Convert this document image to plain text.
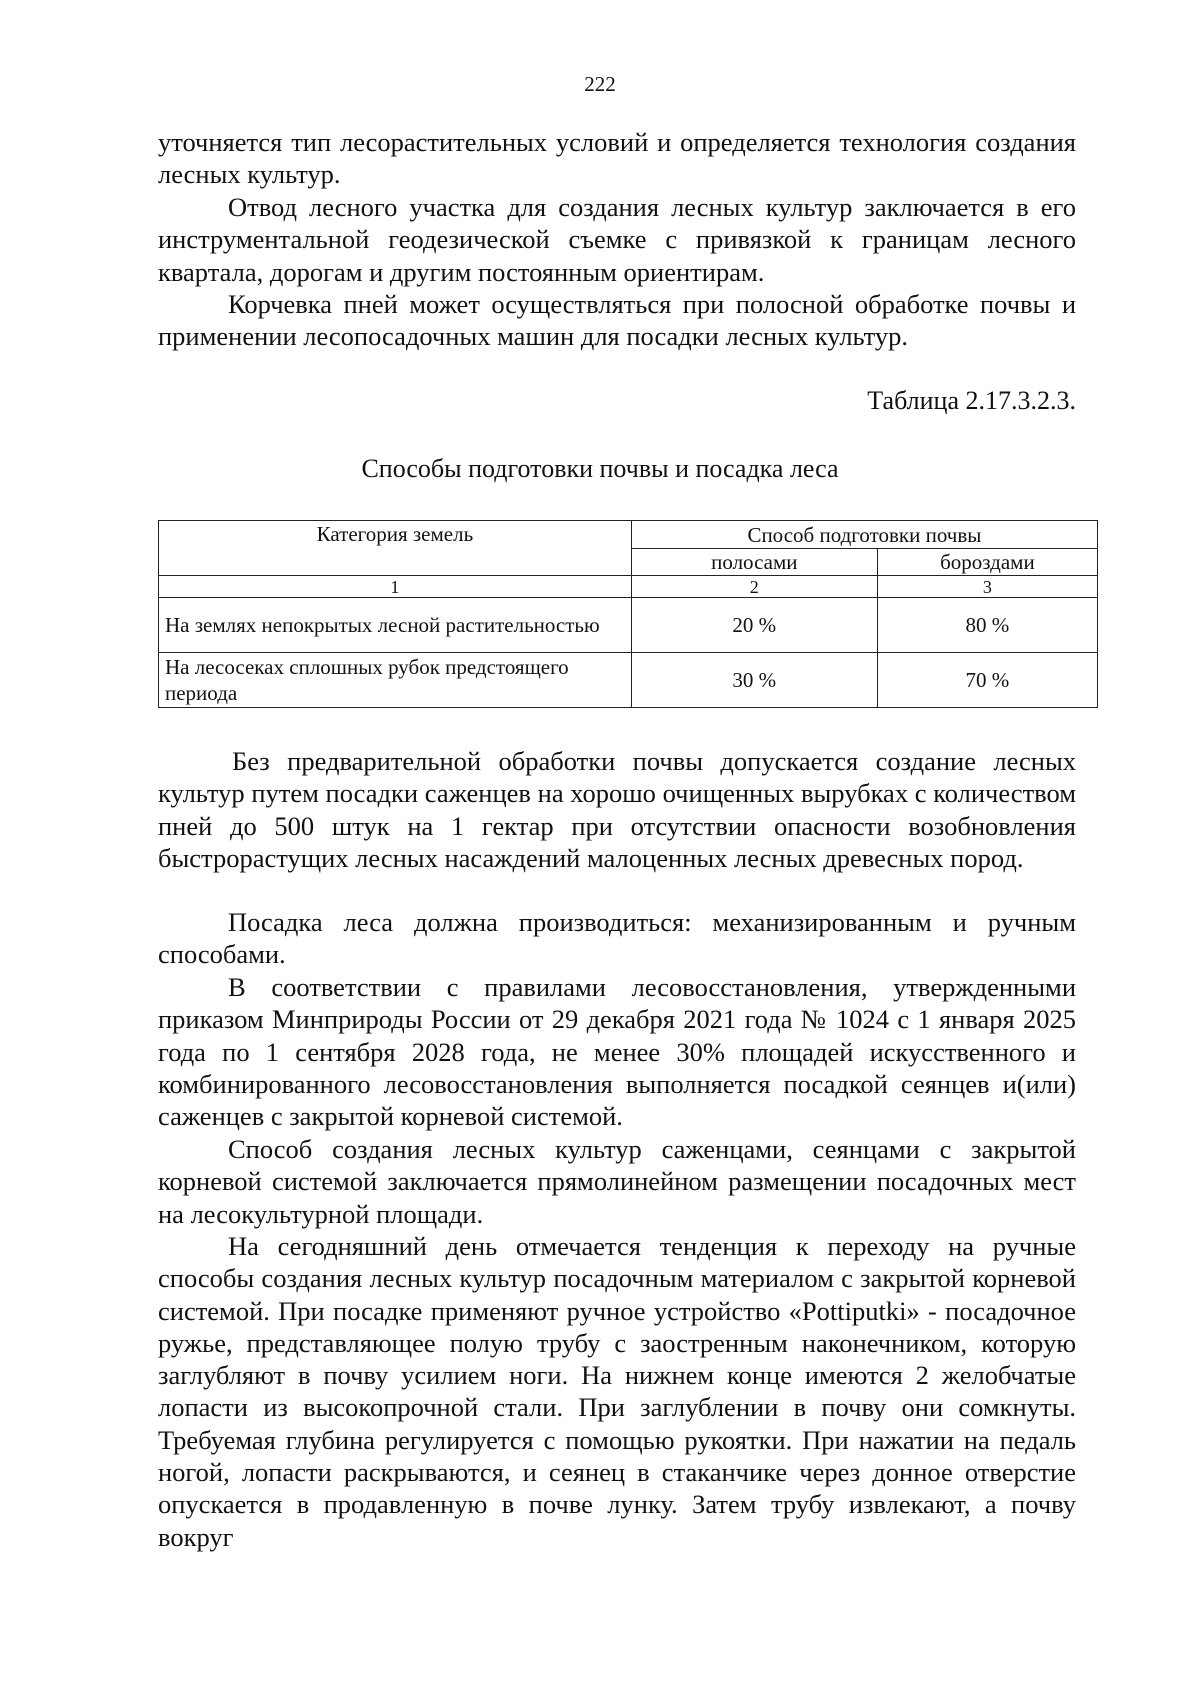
222

уточняется тип лесорастительных условий и определяется технология создания лесных культур.

Отвод лесного участка для создания лесных культур заключается в его инструментальной геодезической съемке с привязкой к границам лесного квартала, дорогам и другим постоянным ориентирам.

Корчевка пней может осуществляться при полосной обработке почвы и применении лесопосадочных машин для посадки лесных культур.

Таблица 2.17.3.2.3.
Способы подготовки почвы и посадка леса
Категория земель	Способ подготовки почвы	
	полосами	бороздами
1	2	3
На землях непокрытых лесной растительностью	20 %	80 %
На лесосеках сплошных рубок предстоящего периода	30 %	70 %

Без предварительной обработки почвы допускается создание лесных культур путем посадки саженцев на хорошо очищенных вырубках с количеством пней до 500 штук на 1 гектар при отсутствии опасности возобновления быстрорастущих лесных насаждений малоценных лесных древесных пород.

Посадка леса должна производиться: механизированным и ручным способами.

В соответствии с правилами лесовосстановления, утвержденными приказом Минприроды России от 29 декабря 2021 года № 1024 с 1 января 2025 года по 1 сентября 2028 года, не менее 30% площадей искусственного и комбинированного лесовосстановления выполняется посадкой сеянцев и(или) саженцев с закрытой корневой системой.

Способ создания лесных культур саженцами, сеянцами с закрытой корневой системой заключается прямолинейном размещении посадочных мест на лесокультурной площади.

На сегодняшний день отмечается тенденция к переходу на ручные способы создания лесных культур посадочным материалом с закрытой корневой системой. При посадке применяют ручное устройство «Pottiputki» - посадочное ружье, представляющее полую трубу с заостренным наконечником, которую заглубляют в почву усилием ноги. На нижнем конце имеются 2 желобчатые лопасти из высокопрочной стали. При заглублении в почву они сомкнуты. Требуемая глубина регулируется с помощью рукоятки. При нажатии на педаль ногой, лопасти раскрываются, и сеянец в стаканчике через донное отверстие опускается в продавленную в почве лунку. Затем трубу извлекают, а почву вокруг
